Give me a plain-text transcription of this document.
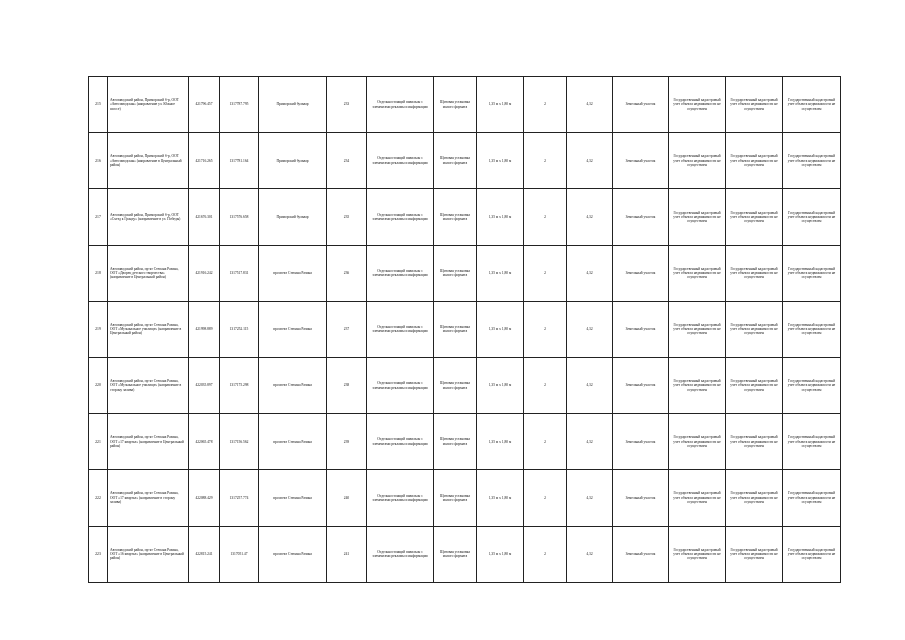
215	Автозаводский район, Приморский б-р, ООТ «Автозаводская» (направление ул. Южное шоссе)	421796.457	1317787.795	Приморский бульвар	233	Отдельностоящий павильон с элементами рекламы и информации	Щитовая установка малого формата	1,35 м х 1,80 м	2	4,32	Земельный участок	Государственный кадастровый учет объекта недвижимости не осуществлен	Государственный кадастровый учет объекта недвижимости не осуществлен	Государственный кадастровый учет объекта недвижимости не осуществлен
216	Автозаводский район, Приморский б-р, ООТ «Автозаводская» (направление в Центральный район)	421716.265	1317781.164	Приморский бульвар	234	Отдельностоящий павильон с элементами рекламы и информации	Щитовая установка малого формата	1,35 м х 1,80 м	2	4,32	Земельный участок	Государственный кадастровый учет объекта недвижимости не осуществлен	Государственный кадастровый учет объекта недвижимости не осуществлен	Государственный кадастровый учет объекта недвижимости не осуществлен
217	Автозаводский район, Приморский б-р, ООТ «Съезд к Гранду» (направление в ул. Победы)	421676.301	1317576.658	Приморский бульвар	235	Отдельностоящий павильон с элементами рекламы и информации	Щитовая установка малого формата	1,35 м х 1,80 м	2	4,32	Земельный участок	Государственный кадастровый учет объекта недвижимости не осуществлен	Государственный кадастровый учет объекта недвижимости не осуществлен	Государственный кадастровый учет объекта недвижимости не осуществлен
218	Автозаводский район, пр-кт Степана Разина, ООТ «Дворец детского творчества» (направление в Центральный район)	421916.242	1317517.831	проспект Степана Разина	236	Отдельностоящий павильон с элементами рекламы и информации	Щитовая установка малого формата	1,35 м х 1,80 м	2	4,32	Земельный участок	Государственный кадастровый учет объекта недвижимости не осуществлен	Государственный кадастровый учет объекта недвижимости не осуществлен	Государственный кадастровый учет объекта недвижимости не осуществлен
219	Автозаводский район, пр-кт Степана Разина, ООТ «Музыкальное училище» (направление в Центральный район)	421998.889	1317252.115	проспект Степана Разина	237	Отдельностоящий павильон с элементами рекламы и информации	Щитовая установка малого формата	1,35 м х 1,80 м	2	4,32	Земельный участок	Государственный кадастровый учет объекта недвижимости не осуществлен	Государственный кадастровый учет объекта недвижимости не осуществлен	Государственный кадастровый учет объекта недвижимости не осуществлен
220	Автозаводский район, пр-кт Степана Разина, ООТ «Музыкальное училище» (направление в сторону залива)	422035.897	1317175.298	проспект Степана Разина	238	Отдельностоящий павильон с элементами рекламы и информации	Щитовая установка малого формата	1,35 м х 1,80 м	2	4,32	Земельный участок	Государственный кадастровый учет объекта недвижимости не осуществлен	Государственный кадастровый учет объекта недвижимости не осуществлен	Государственный кадастровый учет объекта недвижимости не осуществлен
221	Автозаводский район, пр-кт Степана Разина, ООТ «17 квартал» (направление в Центральный район)	422065.478	1317156.562	проспект Степана Разина	239	Отдельностоящий павильон с элементами рекламы и информации	Щитовая установка малого формата	1,35 м х 1,80 м	2	4,32	Земельный участок	Государственный кадастровый учет объекта недвижимости не осуществлен	Государственный кадастровый учет объекта недвижимости не осуществлен	Государственный кадастровый учет объекта недвижимости не осуществлен
222	Автозаводский район, пр-кт Степана Разина, ООТ «17 квартал» (направление в сторону залива)	422088.429	1317257.774	проспект Степана Разина	240	Отдельностоящий павильон с элементами рекламы и информации	Щитовая установка малого формата	1,35 м х 1,80 м	2	4,32	Земельный участок	Государственный кадастровый учет объекта недвижимости не осуществлен	Государственный кадастровый учет объекта недвижимости не осуществлен	Государственный кадастровый учет объекта недвижимости не осуществлен
223	Автозаводский район, пр-кт Степана Разина, ООТ «16 квартал» (направление в Центральный район)	422815.241	1317051.47	проспект Степана Разина	241	Отдельностоящий павильон с элементами рекламы и информации	Щитовая установка малого формата	1,35 м х 1,80 м	2	4,32	Земельный участок	Государственный кадастровый учет объекта недвижимости не осуществлен	Государственный кадастровый учет объекта недвижимости не осуществлен	Государственный кадастровый учет объекта недвижимости не осуществлен
